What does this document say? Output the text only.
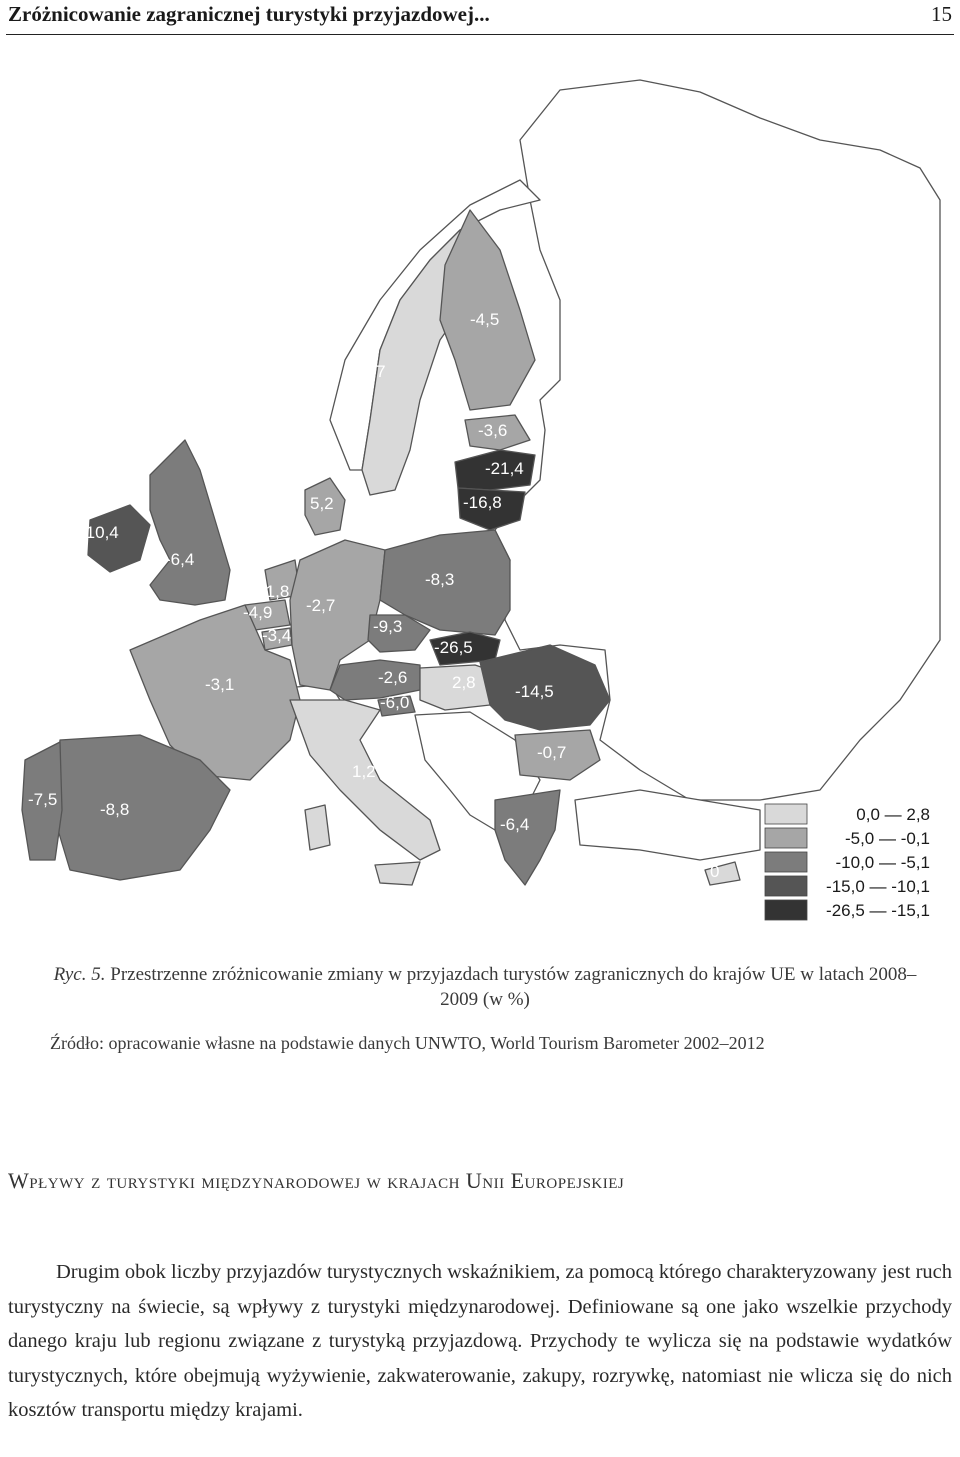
Zróżnicowanie zagranicznej turystyki przyjazdowej...	15
-10,4
-6,4
-3,1
-8,8
-7,5
-1,8
-4,9
-3,4
-2,7
5,2
2,7
-4,5
-3,6
-21,4
-16,8
-8,3
-9,3
-26,5
-2,6
-6,0
2,8 -14,5
-0,7
-6,4
1,2
0
0,0 — 2,8
-5,0 — -0,1
-10,0 — -5,1
-15,0 — -10,1
-26,5 — -15,1
Ryc. 5. Przestrzenne zróżnicowanie zmiany w przyjazdach turystów zagranicznych do krajów UE w latach 2008–2009 (w %)
Źródło: opracowanie własne na podstawie danych UNWTO, World Tourism Barometer 2002–2012
Wpływy z turystyki międzynarodowej w krajach Unii Europejskiej

Drugim obok liczby przyjazdów turystycznych wskaźnikiem, za pomocą którego charakteryzowany jest ruch turystyczny na świecie, są wpływy z turystyki międzynarodowej. Definiowane są one jako wszelkie przychody danego kraju lub regionu związane z turystyką przyjazdową. Przychody te wylicza się na podstawie wydatków turystycznych, które obejmują wyżywienie, zakwaterowanie, zakupy, rozrywkę, natomiast nie wlicza się do nich kosztów transportu między krajami.
